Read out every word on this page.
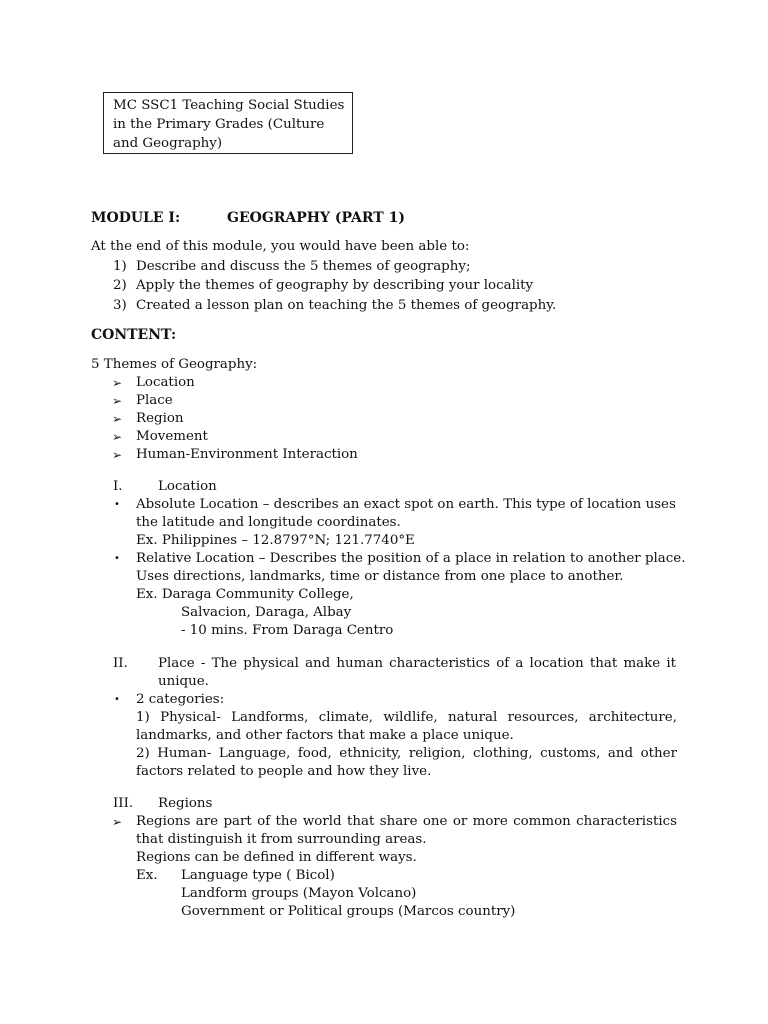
MC SSC1 Teaching Social Studies
in the Primary Grades (Culture
and Geography)
MODULE I:	GEOGRAPHY (PART 1)
At the end of this module, you would have been able to:
1) Describe and discuss the 5 themes of geography;
2) Apply the themes of geography by describing your locality
3) Created a lesson plan on teaching the 5 themes of geography.
CONTENT:
5 Themes of Geography:
➢ Location
➢ Place
➢ Region
➢ Movement
➢ Human-Environment Interaction
I.	Location
• Absolute Location – describes an exact spot on earth. This type of location uses
the latitude and longitude coordinates.
Ex. Philippines – 12.8797°N; 121.7740°E
• Relative Location – Describes the position of a place in relation to another place.
Uses directions, landmarks, time or distance from one place to another.
Ex. Daraga Community College,
Salvacion, Daraga, Albay
- 10 mins. From Daraga Centro
II. Place - The physical and human characteristics of a location that make it
unique.
• 2 categories:
1) Physical- Landforms, climate, wildlife, natural resources, architecture,
landmarks, and other factors that make a place unique.
2) Human- Language, food, ethnicity, religion, clothing, customs, and other
factors related to people and how they live.
III. Regions
➢ Regions are part of the world that share one or more common characteristics
that distinguish it from surrounding areas.
Regions can be defined in different ways.
Ex. Language type ( Bicol)
Landform groups (Mayon Volcano)
Government or Political groups (Marcos country)
